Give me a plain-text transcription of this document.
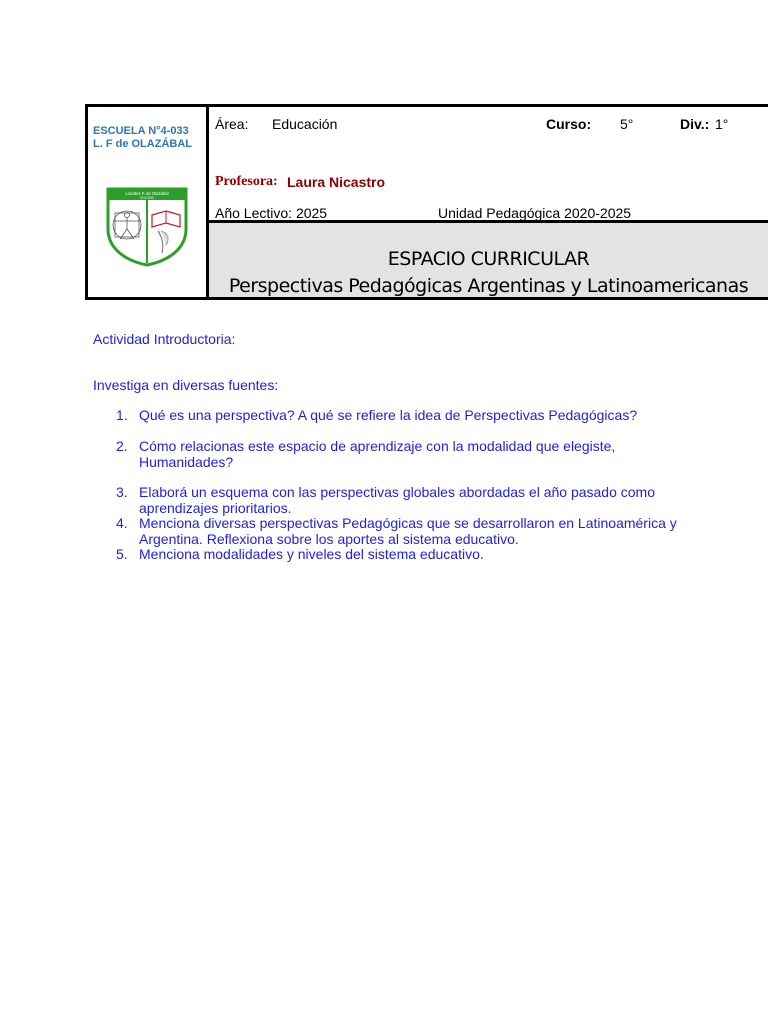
ESCUELA N°4-033
L. F de OLAZÁBAL
Lourdes F. de Olazábal
N°4-033
Área: Educación	Curso: 5°	Div.: 1°
Profesora: Laura Nicastro
Año Lectivo: 2025	Unidad Pedagógica 2020-2025
ESPACIO CURRICULAR
Perspectivas Pedagógicas Argentinas y Latinoamericanas
Actividad Introductoria:
Investiga en diversas fuentes:
1. Qué es una perspectiva? A qué se refiere la idea de Perspectivas Pedagógicas?
2. Cómo relacionas este espacio de aprendizaje con la modalidad que elegiste, Humanidades?
3. Elaborá un esquema con las perspectivas globales abordadas el año pasado como aprendizajes prioritarios.
4. Menciona diversas perspectivas Pedagógicas que se desarrollaron en Latinoamérica y Argentina. Reflexiona sobre los aportes al sistema educativo.
5. Menciona modalidades y niveles del sistema educativo.
